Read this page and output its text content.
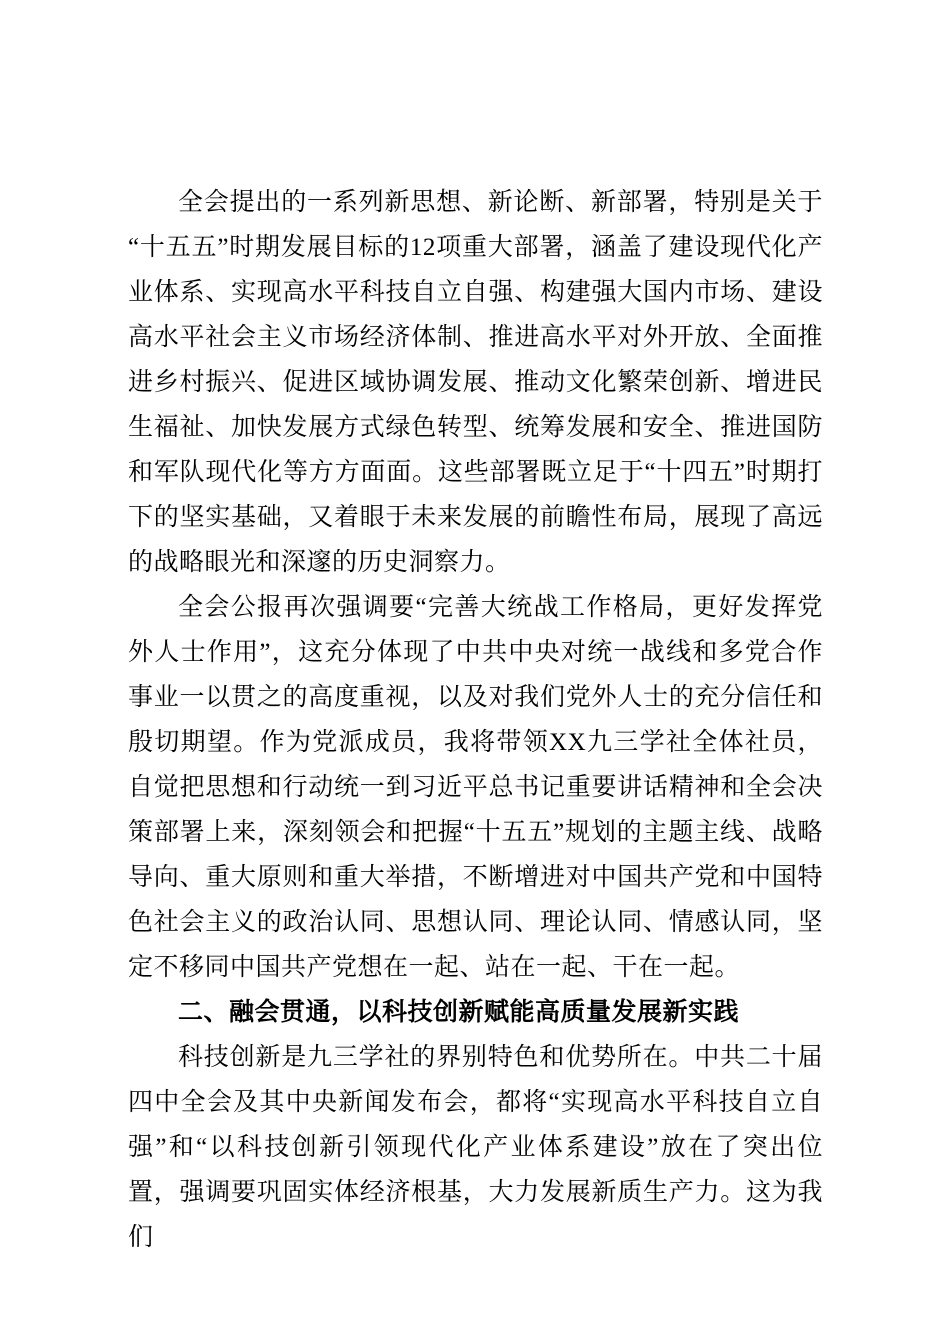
全会提出的一系列新思想、新论断、新部署，特别是关于“十五五”时期发展目标的12项重大部署，涵盖了建设现代化产业体系、实现高水平科技自立自强、构建强大国内市场、建设高水平社会主义市场经济体制、推进高水平对外开放、全面推进乡村振兴、促进区域协调发展、推动文化繁荣创新、增进民生福祉、加快发展方式绿色转型、统筹发展和安全、推进国防和军队现代化等方方面面。这些部署既立足于“十四五”时期打下的坚实基础，又着眼于未来发展的前瞻性布局，展现了高远的战略眼光和深邃的历史洞察力。

全会公报再次强调要“完善大统战工作格局，更好发挥党外人士作用”，这充分体现了中共中央对统一战线和多党合作事业一以贯之的高度重视，以及对我们党外人士的充分信任和殷切期望。作为党派成员，我将带领XX九三学社全体社员，自觉把思想和行动统一到习近平总书记重要讲话精神和全会决策部署上来，深刻领会和把握“十五五”规划的主题主线、战略导向、重大原则和重大举措，不断增进对中国共产党和中国特色社会主义的政治认同、思想认同、理论认同、情感认同，坚定不移同中国共产党想在一起、站在一起、干在一起。

二、融会贯通，以科技创新赋能高质量发展新实践

科技创新是九三学社的界别特色和优势所在。中共二十届四中全会及其中央新闻发布会，都将“实现高水平科技自立自强”和“以科技创新引领现代化产业体系建设”放在了突出位置，强调要巩固实体经济根基，大力发展新质生产力。这为我们
